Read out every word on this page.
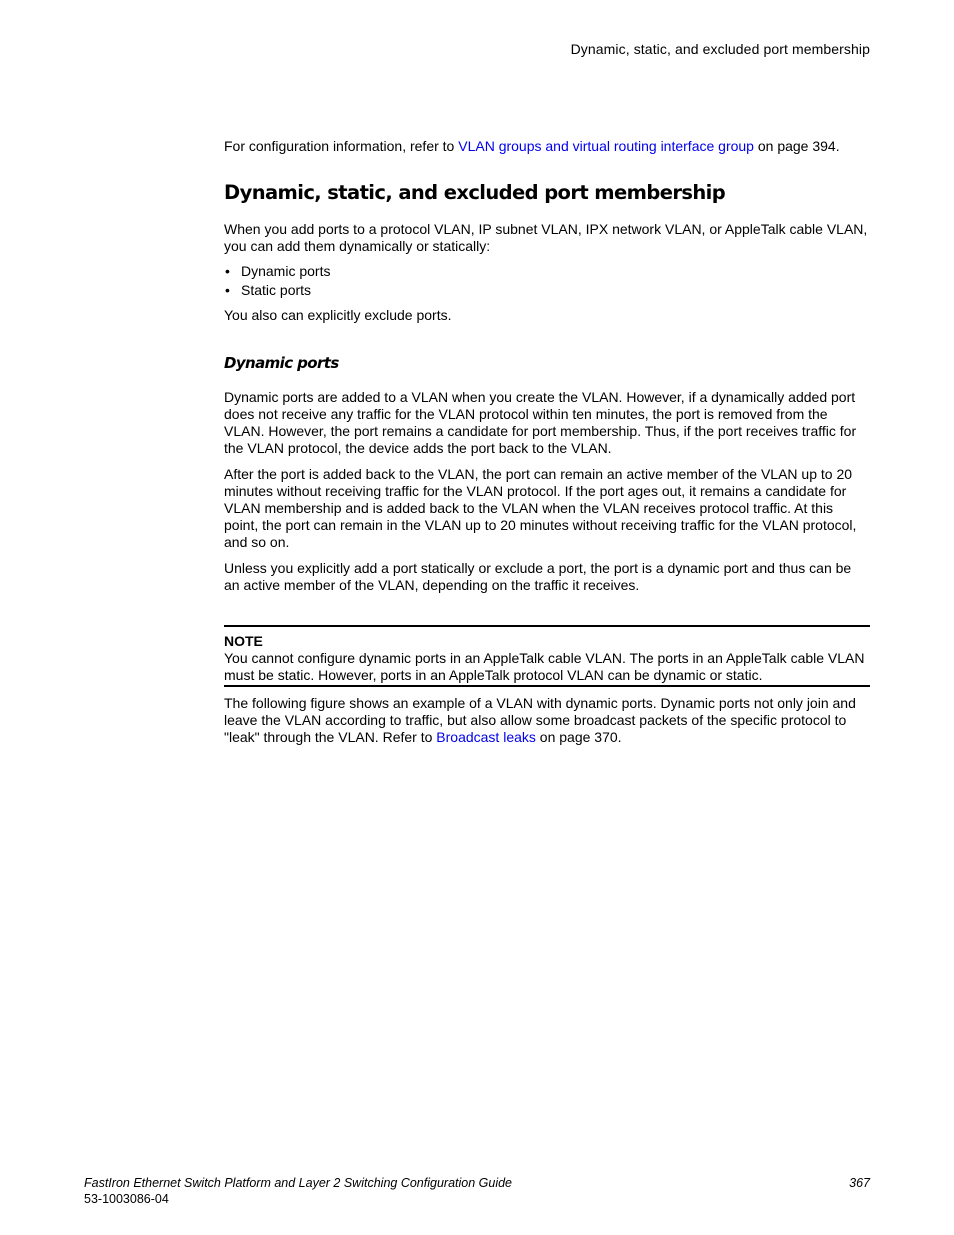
Dynamic, static, and excluded port membership

For configuration information, refer to VLAN groups and virtual routing interface group on page 394.

Dynamic, static, and excluded port membership

When you add ports to a protocol VLAN, IP subnet VLAN, IPX network VLAN, or AppleTalk cable VLAN, you can add them dynamically or statically:

• Dynamic ports
• Static ports

You also can explicitly exclude ports.

Dynamic ports

Dynamic ports are added to a VLAN when you create the VLAN. However, if a dynamically added port does not receive any traffic for the VLAN protocol within ten minutes, the port is removed from the VLAN. However, the port remains a candidate for port membership. Thus, if the port receives traffic for the VLAN protocol, the device adds the port back to the VLAN.

After the port is added back to the VLAN, the port can remain an active member of the VLAN up to 20 minutes without receiving traffic for the VLAN protocol. If the port ages out, it remains a candidate for VLAN membership and is added back to the VLAN when the VLAN receives protocol traffic. At this point, the port can remain in the VLAN up to 20 minutes without receiving traffic for the VLAN protocol, and so on.

Unless you explicitly add a port statically or exclude a port, the port is a dynamic port and thus can be an active member of the VLAN, depending on the traffic it receives.

NOTE
You cannot configure dynamic ports in an AppleTalk cable VLAN. The ports in an AppleTalk cable VLAN must be static. However, ports in an AppleTalk protocol VLAN can be dynamic or static.

The following figure shows an example of a VLAN with dynamic ports. Dynamic ports not only join and leave the VLAN according to traffic, but also allow some broadcast packets of the specific protocol to "leak" through the VLAN. Refer to Broadcast leaks on page 370.

FastIron Ethernet Switch Platform and Layer 2 Switching Configuration Guide
53-1003086-04
367
